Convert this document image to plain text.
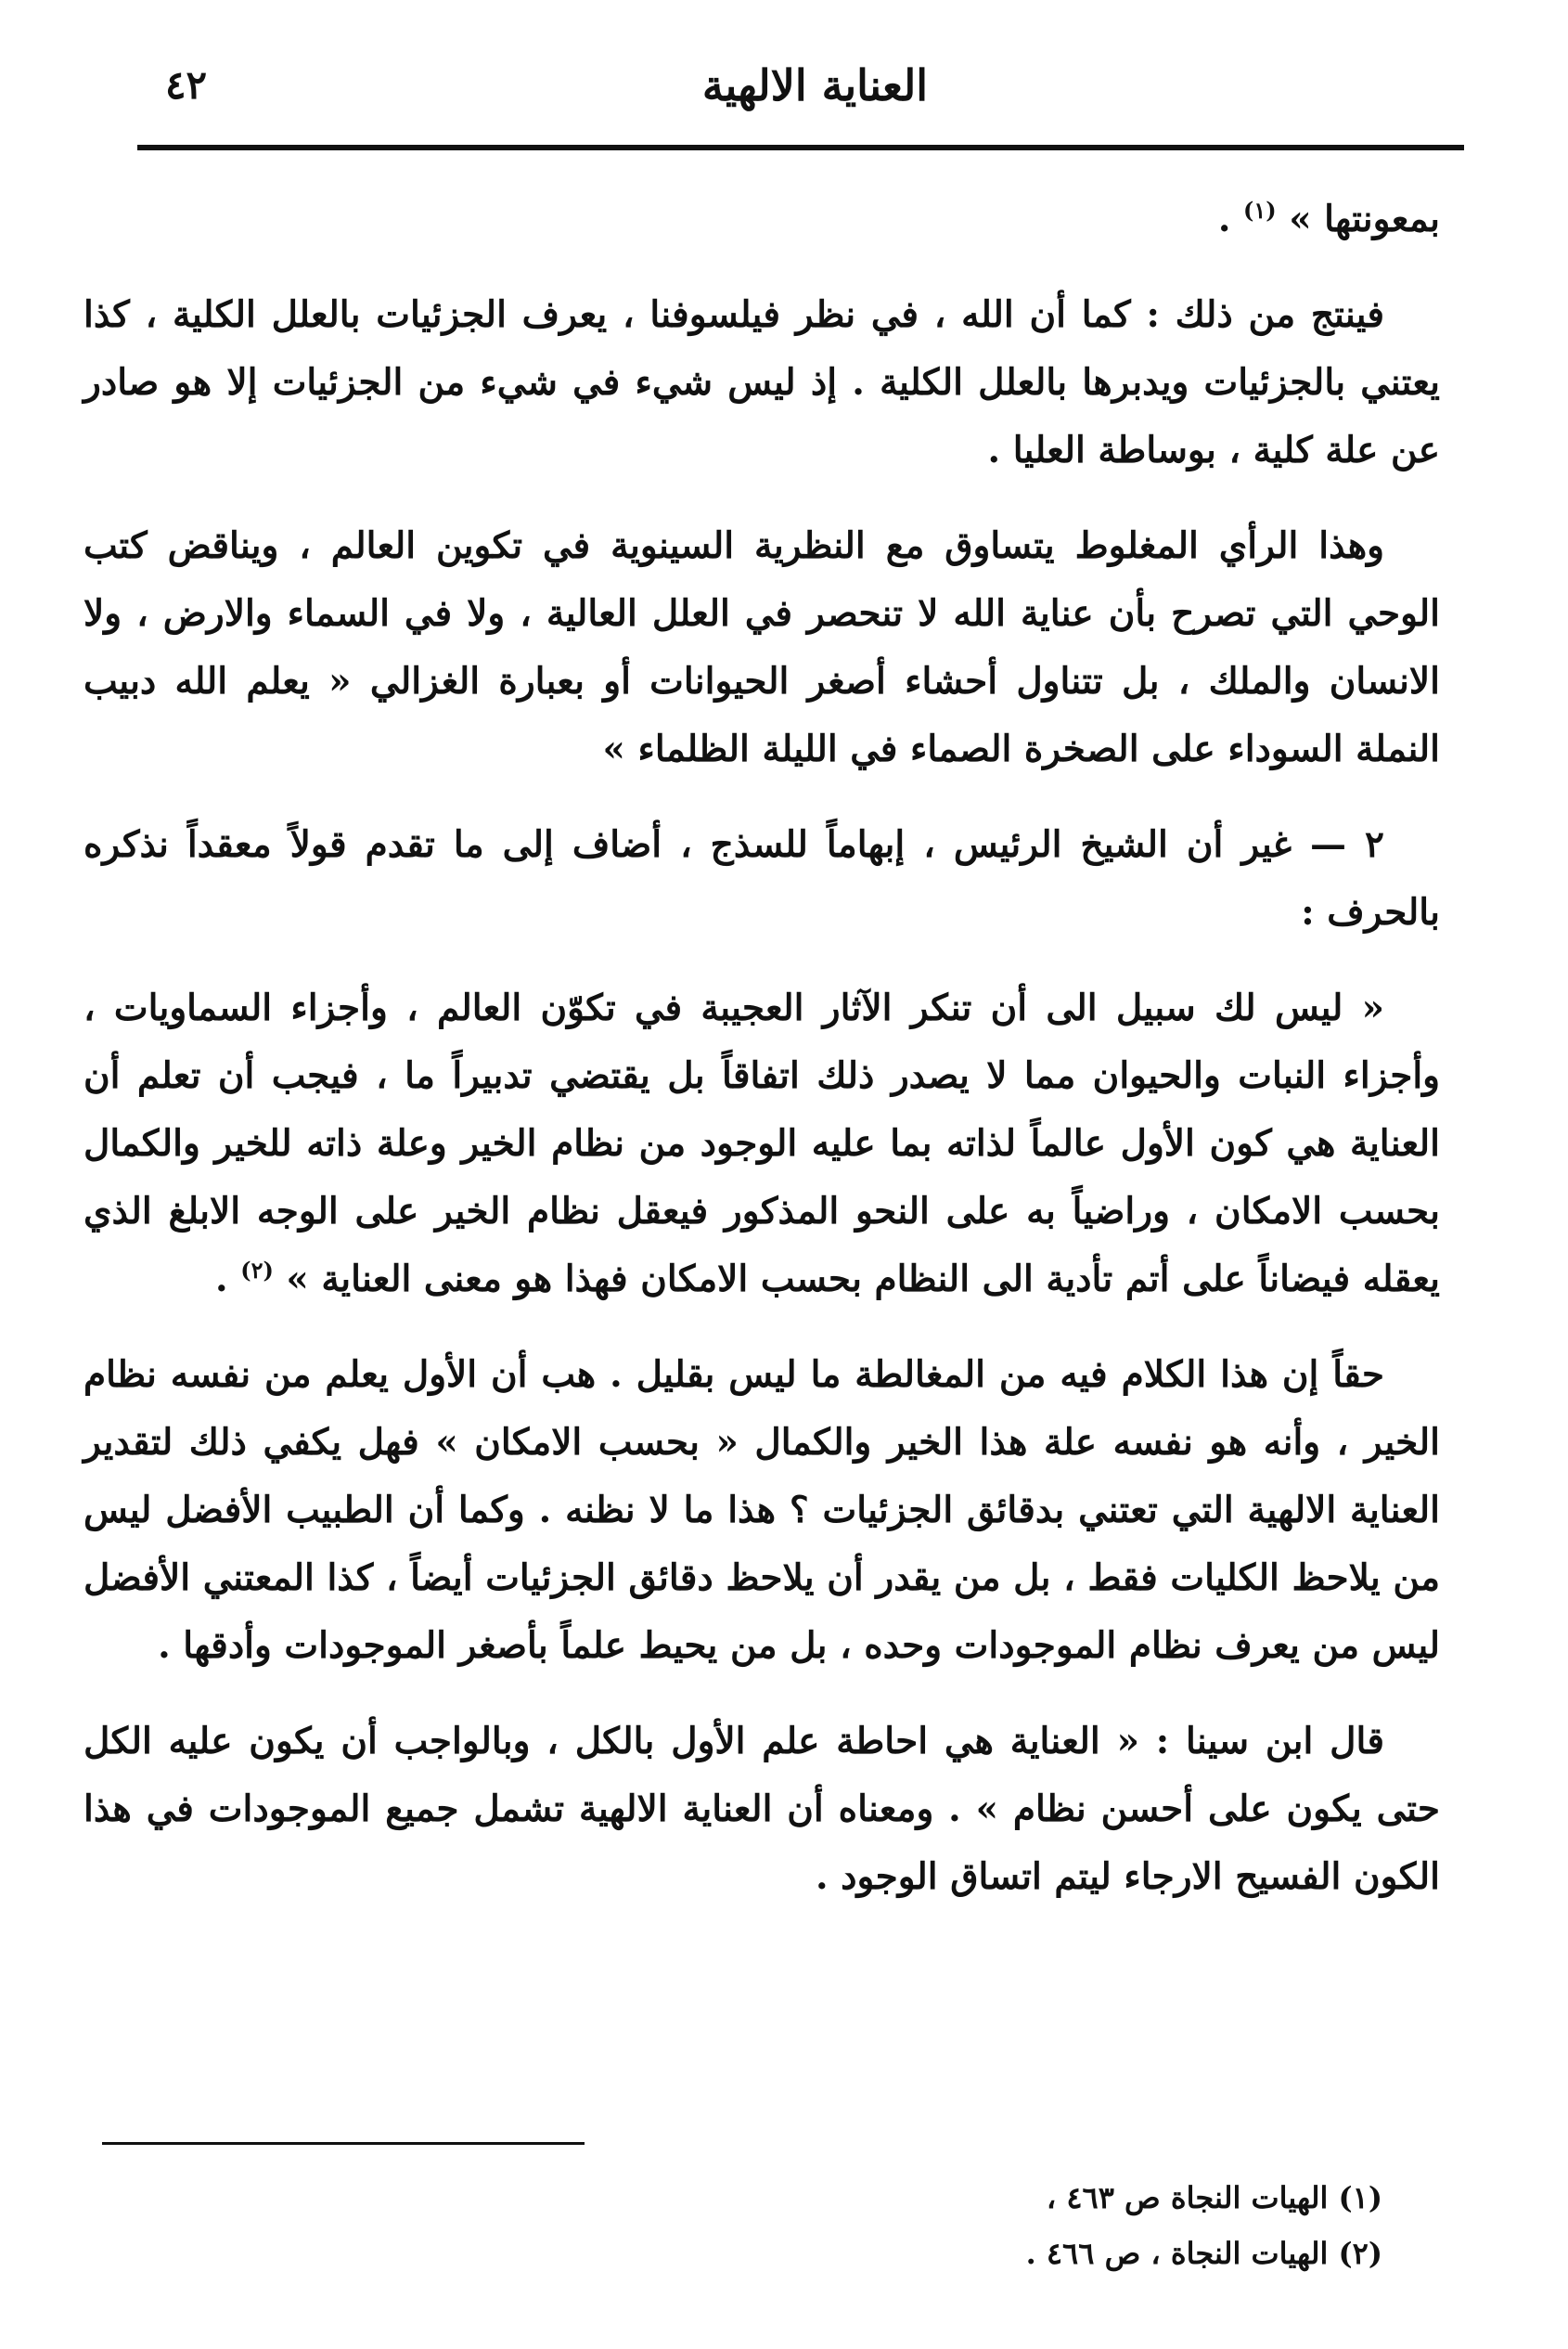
العناية الالهية
٤٢

بمعونتها » $^{(١)}$ .

فينتج من ذلك : كما أن الله ، في نظر فيلسوفنا ، يعرف الجزئيات بالعلل الكلية ، كذا يعتني بالجزئيات ويدبرها بالعلل الكلية . إذ ليس شيء في شيء من الجزئيات إلا هو صادر عن علة كلية ، بوساطة العليا .

وهذا الرأي المغلوط يتساوق مع النظرية السينوية في تكوين العالم ، ويناقض كتب الوحي التي تصرح بأن عناية الله لا تنحصر في العلل العالية ، ولا في السماء والارض ، ولا الانسان والملك ، بل تتناول أحشاء أصغر الحيوانات أو بعبارة الغزالي « يعلم الله دبيب النملة السوداء على الصخرة الصماء في الليلة الظلماء »

٢ — غير أن الشيخ الرئيس ، إبهاماً للسذج ، أضاف إلى ما تقدم قولاً معقداً نذكره بالحرف :

« ليس لك سبيل الى أن تنكر الآثار العجيبة في تكوّن العالم ، وأجزاء السماويات ، وأجزاء النبات والحيوان مما لا يصدر ذلك اتفاقاً بل يقتضي تدبيراً ما ، فيجب أن تعلم أن العناية هي كون الأول عالماً لذاته بما عليه الوجود من نظام الخير وعلة ذاته للخير والكمال بحسب الامكان ، وراضياً به على النحو المذكور فيعقل نظام الخير على الوجه الابلغ الذي يعقله فيضاناً على أتم تأدية الى النظام بحسب الامكان فهذا هو معنى العناية » $^{(٢)}$ .

حقاً إن هذا الكلام فيه من المغالطة ما ليس بقليل . هب أن الأول يعلم من نفسه نظام الخير ، وأنه هو نفسه علة هذا الخير والكمال « بحسب الامكان » فهل يكفي ذلك لتقدير العناية الالهية التي تعتني بدقائق الجزئيات ؟ هذا ما لا نظنه . وكما أن الطبيب الأفضل ليس من يلاحظ الكليات فقط ، بل من يقدر أن يلاحظ دقائق الجزئيات أيضاً ، كذا المعتني الأفضل ليس من يعرف نظام الموجودات وحده ، بل من يحيط علماً بأصغر الموجودات وأدقها .

قال ابن سينا : « العناية هي احاطة علم الأول بالكل ، وبالواجب أن يكون عليه الكل حتى يكون على أحسن نظام » . ومعناه أن العناية الالهية تشمل جميع الموجودات في هذا الكون الفسيح الارجاء ليتم اتساق الوجود .

(١) الهيات النجاة ص ٤٦٣ ،
(٢) الهيات النجاة ، ص ٤٦٦ .
